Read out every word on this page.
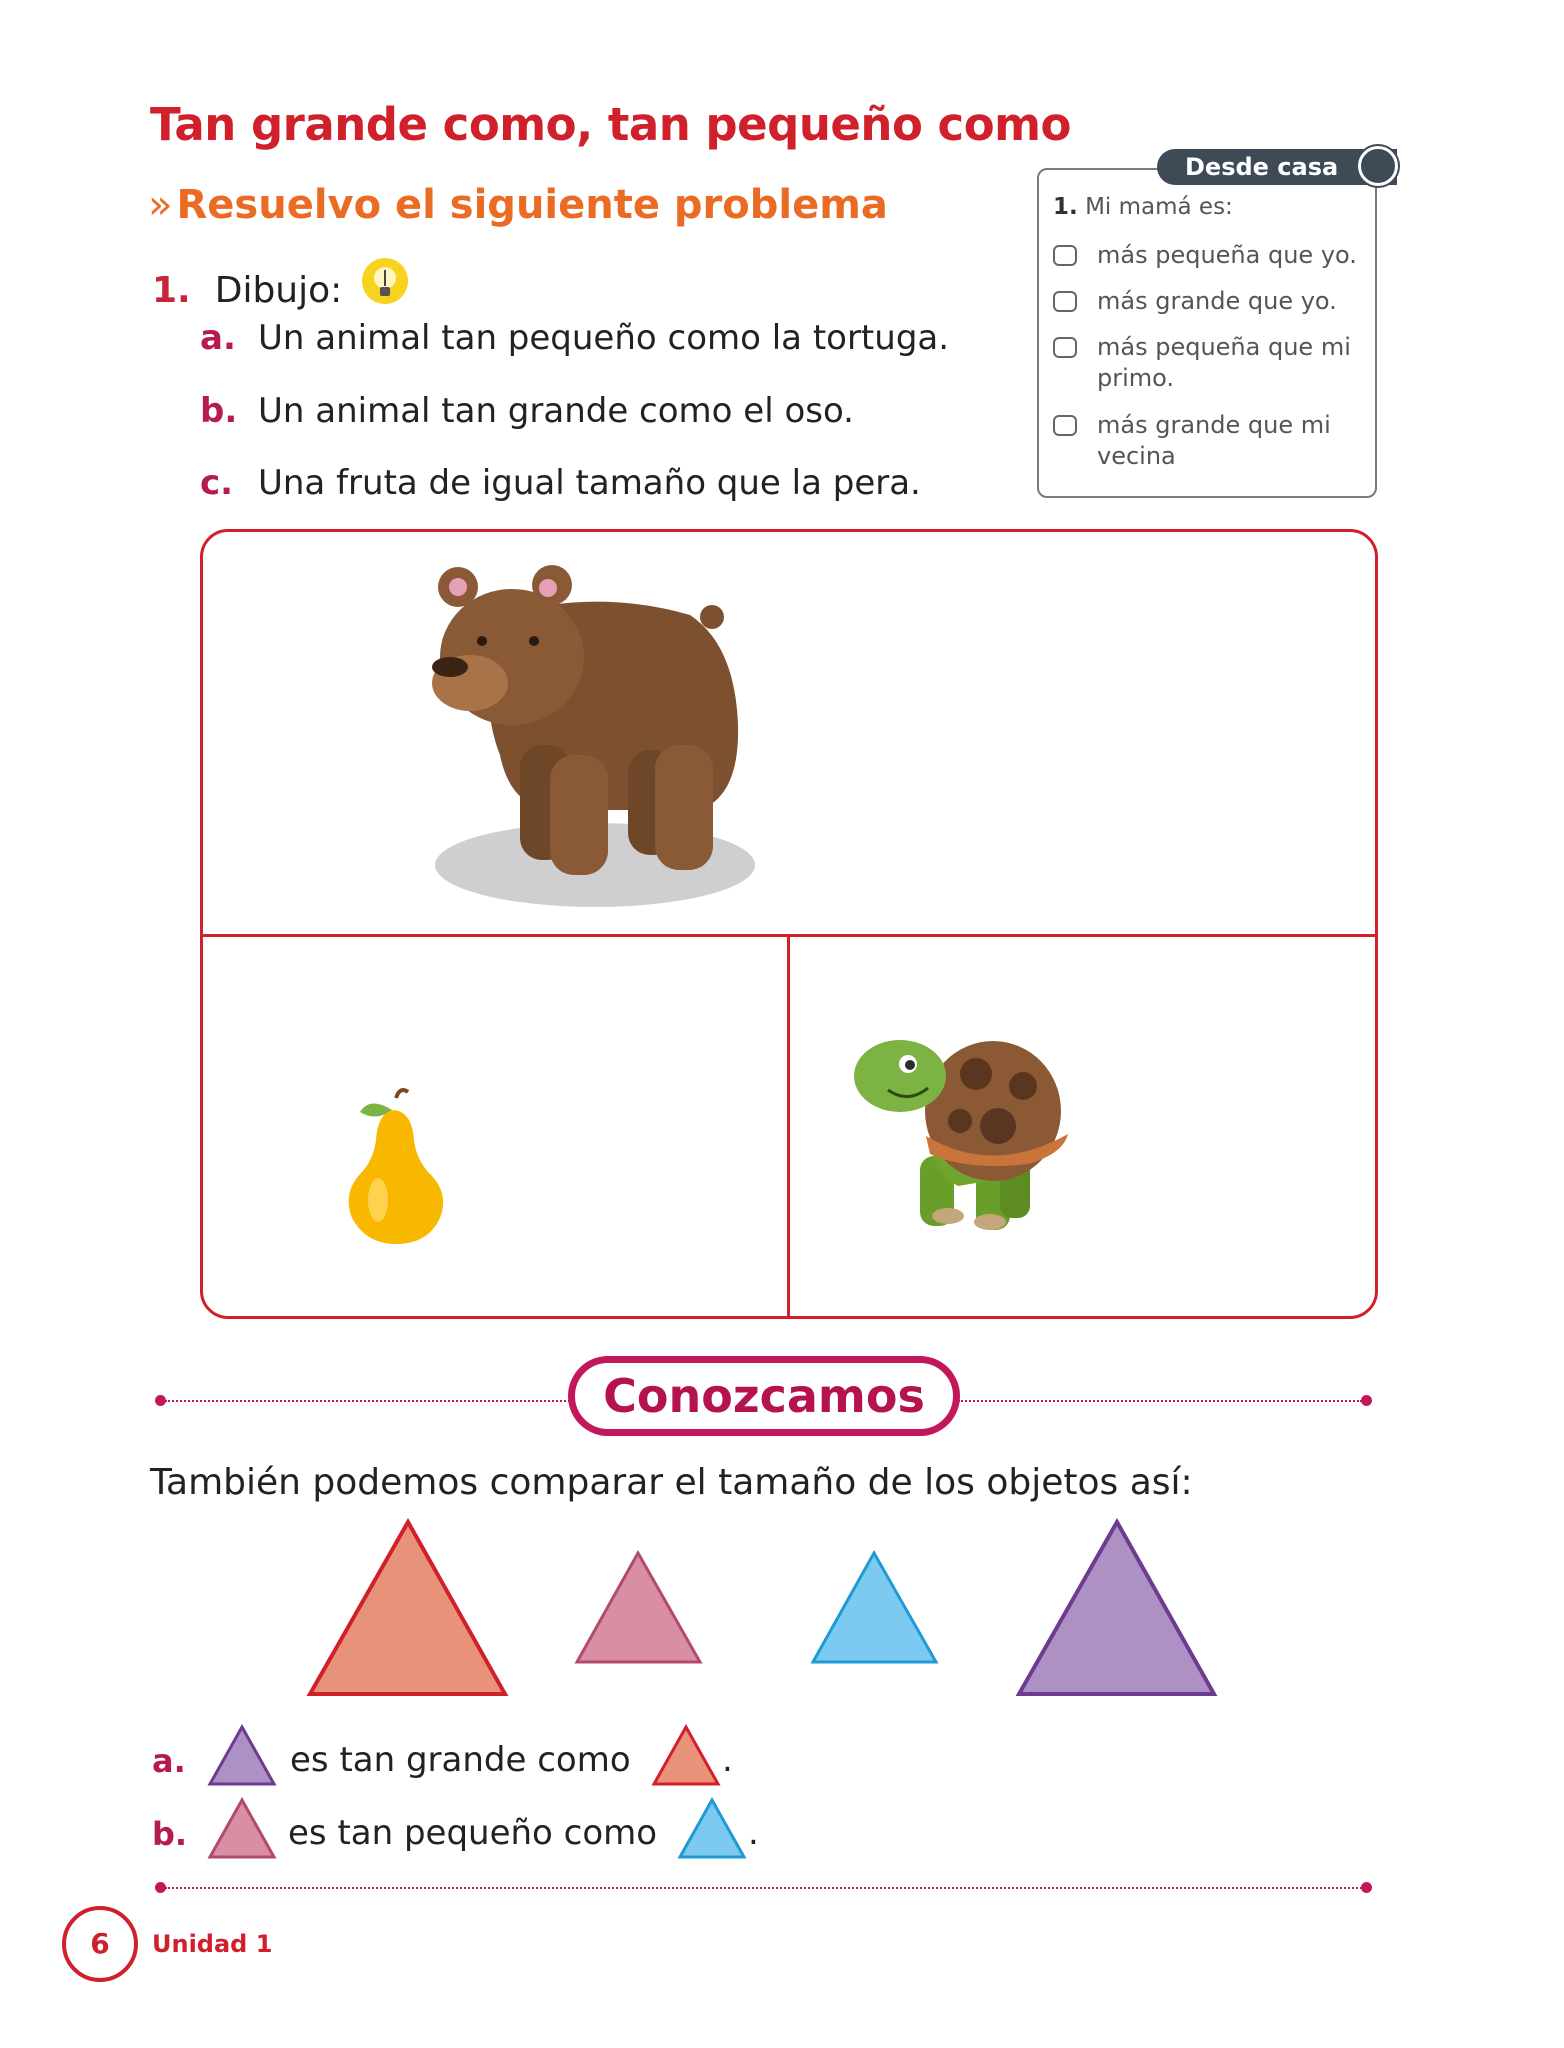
Tan grande como, tan pequeño como
» Resuelvo el siguiente problema
1. Dibujo:
a. Un animal tan pequeño como la tortuga.
b. Un animal tan grande como el oso.
c. Una fruta de igual tamaño que la pera.
Desde casa
1. Mi mamá es:
más pequeña que yo.
más grande que yo.
más pequeña que mi primo.
más grande que mi vecina
Conozcamos
También podemos comparar el tamaño de los objetos así:
a.	es tan grande como	.
b.	es tan pequeño como	.
6	Unidad 1
